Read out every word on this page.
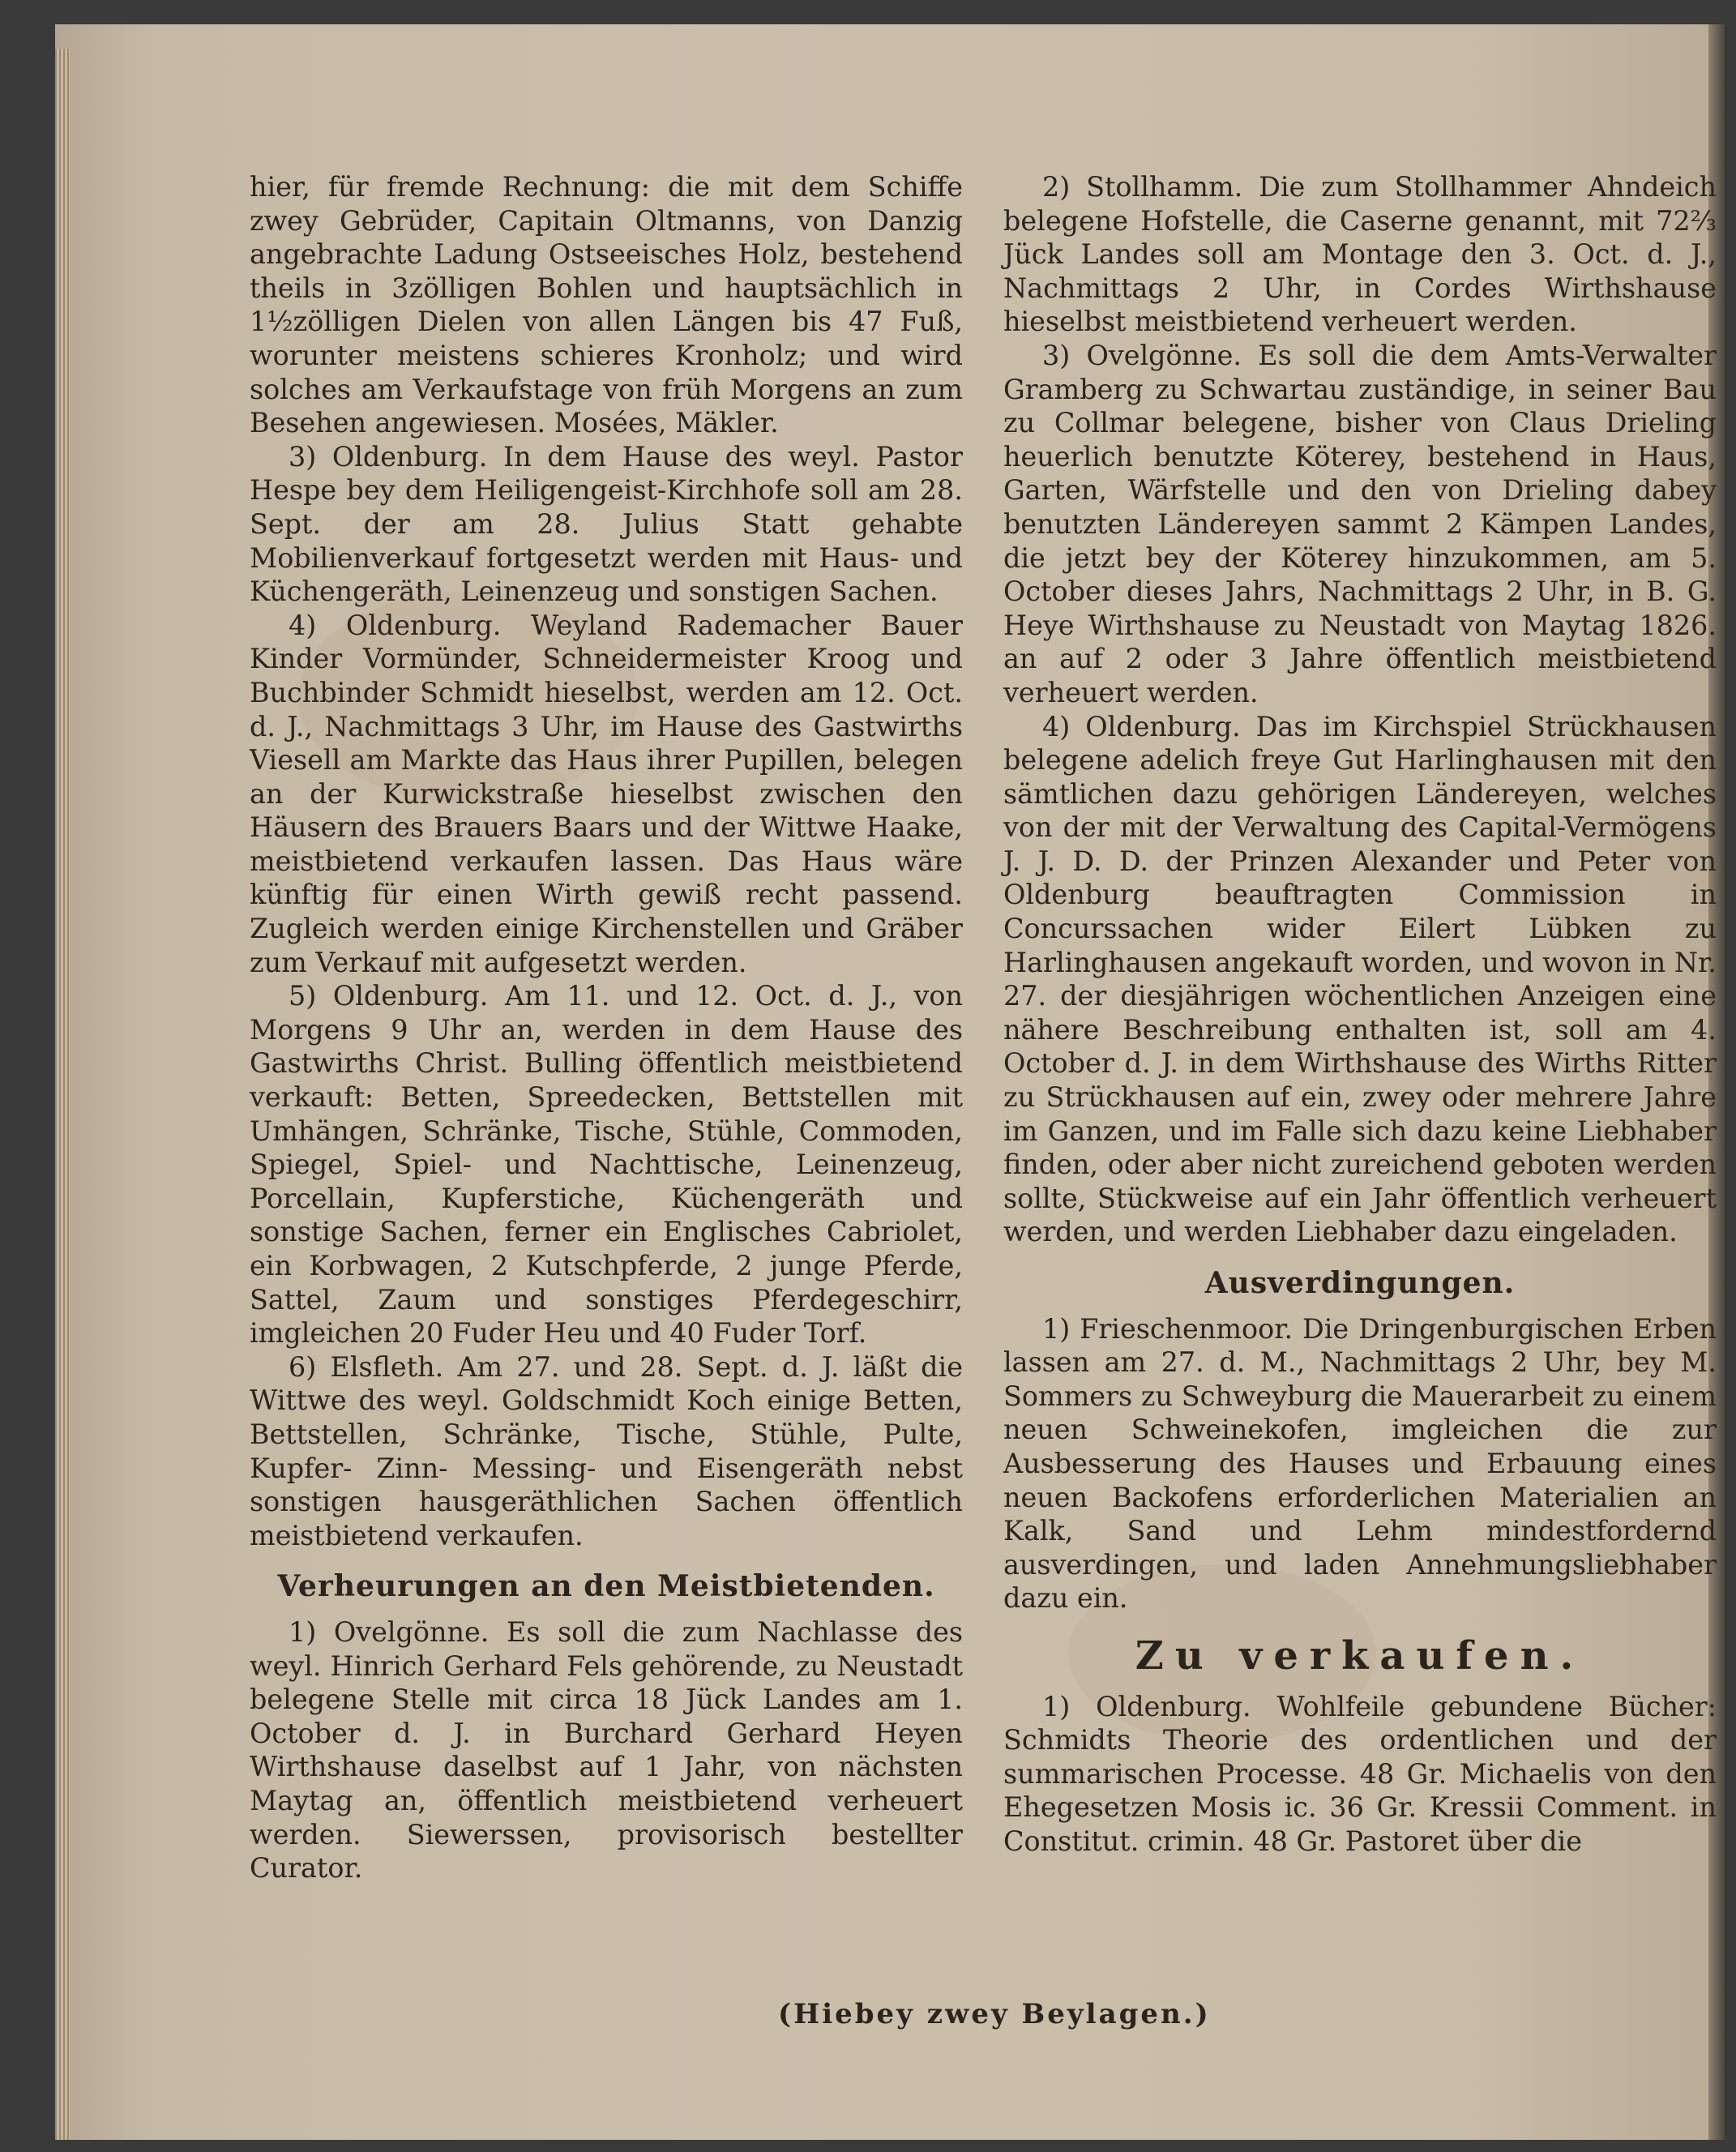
hier, für fremde Rechnung: die mit dem Schiffe zwey Gebrüder, Capitain Oltmanns, von Danzig angebrachte Ladung Ostseeisches Holz, bestehend theils in 3zölligen Bohlen und hauptsächlich in 1½zölligen Dielen von allen Längen bis 47 Fuß, worunter meistens schieres Kronholz; und wird solches am Verkaufstage von früh Morgens an zum Besehen angewiesen. Mosées, Mäkler.

3) Oldenburg. In dem Hause des weyl. Pastor Hespe bey dem Heiligengeist-Kirchhofe soll am 28. Sept. der am 28. Julius Statt gehabte Mobilienverkauf fortgesetzt werden mit Haus- und Küchengeräth, Leinenzeug und sonstigen Sachen.

4) Oldenburg. Weyland Rademacher Bauer Kinder Vormünder, Schneidermeister Kroog und Buchbinder Schmidt hieselbst, werden am 12. Oct. d. J., Nachmittags 3 Uhr, im Hause des Gastwirths Viesell am Markte das Haus ihrer Pupillen, belegen an der Kurwickstraße hieselbst zwischen den Häusern des Brauers Baars und der Wittwe Haake, meistbietend verkaufen lassen. Das Haus wäre künftig für einen Wirth gewiß recht passend. Zugleich werden einige Kirchenstellen und Gräber zum Verkauf mit aufgesetzt werden.

5) Oldenburg. Am 11. und 12. Oct. d. J., von Morgens 9 Uhr an, werden in dem Hause des Gastwirths Christ. Bulling öffentlich meistbietend verkauft: Betten, Spreedecken, Bettstellen mit Umhängen, Schränke, Tische, Stühle, Commoden, Spiegel, Spiel- und Nachttische, Leinenzeug, Porcellain, Kupferstiche, Küchengeräth und sonstige Sachen, ferner ein Englisches Cabriolet, ein Korbwagen, 2 Kutschpferde, 2 junge Pferde, Sattel, Zaum und sonstiges Pferdegeschirr, imgleichen 20 Fuder Heu und 40 Fuder Torf.

6) Elsfleth. Am 27. und 28. Sept. d. J. läßt die Wittwe des weyl. Goldschmidt Koch einige Betten, Bettstellen, Schränke, Tische, Stühle, Pulte, Kupfer- Zinn- Messing- und Eisengeräth nebst sonstigen hausgeräthlichen Sachen öffentlich meistbietend verkaufen.

Verheurungen an den Meistbietenden.

1) Ovelgönne. Es soll die zum Nachlasse des weyl. Hinrich Gerhard Fels gehörende, zu Neustadt belegene Stelle mit circa 18 Jück Landes am 1. October d. J. in Burchard Gerhard Heyen Wirthshause daselbst auf 1 Jahr, von nächsten Maytag an, öffentlich meistbietend verheuert werden. Siewerssen, provisorisch bestellter Curator.

2) Stollhamm. Die zum Stollhammer Ahndeich belegene Hofstelle, die Caserne genannt, mit 72⅔ Jück Landes soll am Montage den 3. Oct. d. J., Nachmittags 2 Uhr, in Cordes Wirthshause hieselbst meistbietend verheuert werden.

3) Ovelgönne. Es soll die dem Amts-Verwalter Gramberg zu Schwartau zuständige, in seiner Bau zu Collmar belegene, bisher von Claus Drieling heuerlich benutzte Köterey, bestehend in Haus, Garten, Wärfstelle und den von Drieling dabey benutzten Ländereyen sammt 2 Kämpen Landes, die jetzt bey der Köterey hinzukommen, am 5. October dieses Jahrs, Nachmittags 2 Uhr, in B. G. Heye Wirthshause zu Neustadt von Maytag 1826. an auf 2 oder 3 Jahre öffentlich meistbietend verheuert werden.

4) Oldenburg. Das im Kirchspiel Strückhausen belegene adelich freye Gut Harlinghausen mit den sämtlichen dazu gehörigen Ländereyen, welches von der mit der Verwaltung des Capital-Vermögens J. J. D. D. der Prinzen Alexander und Peter von Oldenburg beauftragten Commission in Concurssachen wider Eilert Lübken zu Harlinghausen angekauft worden, und wovon in Nr. 27. der diesjährigen wöchentlichen Anzeigen eine nähere Beschreibung enthalten ist, soll am 4. October d. J. in dem Wirthshause des Wirths Ritter zu Strückhausen auf ein, zwey oder mehrere Jahre im Ganzen, und im Falle sich dazu keine Liebhaber finden, oder aber nicht zureichend geboten werden sollte, Stückweise auf ein Jahr öffentlich verheuert werden, und werden Liebhaber dazu eingeladen.

Ausverdingungen.

1) Frieschenmoor. Die Dringenburgischen Erben lassen am 27. d. M., Nachmittags 2 Uhr, bey M. Sommers zu Schweyburg die Mauerarbeit zu einem neuen Schweinekofen, imgleichen die zur Ausbesserung des Hauses und Erbauung eines neuen Backofens erforderlichen Materialien an Kalk, Sand und Lehm mindestfordernd ausverdingen, und laden Annehmungsliebhaber dazu ein.

Zu verkaufen.

1) Oldenburg. Wohlfeile gebundene Bücher: Schmidts Theorie des ordentlichen und der summarischen Processe. 48 Gr. Michaelis von den Ehegesetzen Mosis ic. 36 Gr. Kressii Comment. in Constitut. crimin. 48 Gr. Pastoret über die

(Hiebey zwey Beylagen.)
